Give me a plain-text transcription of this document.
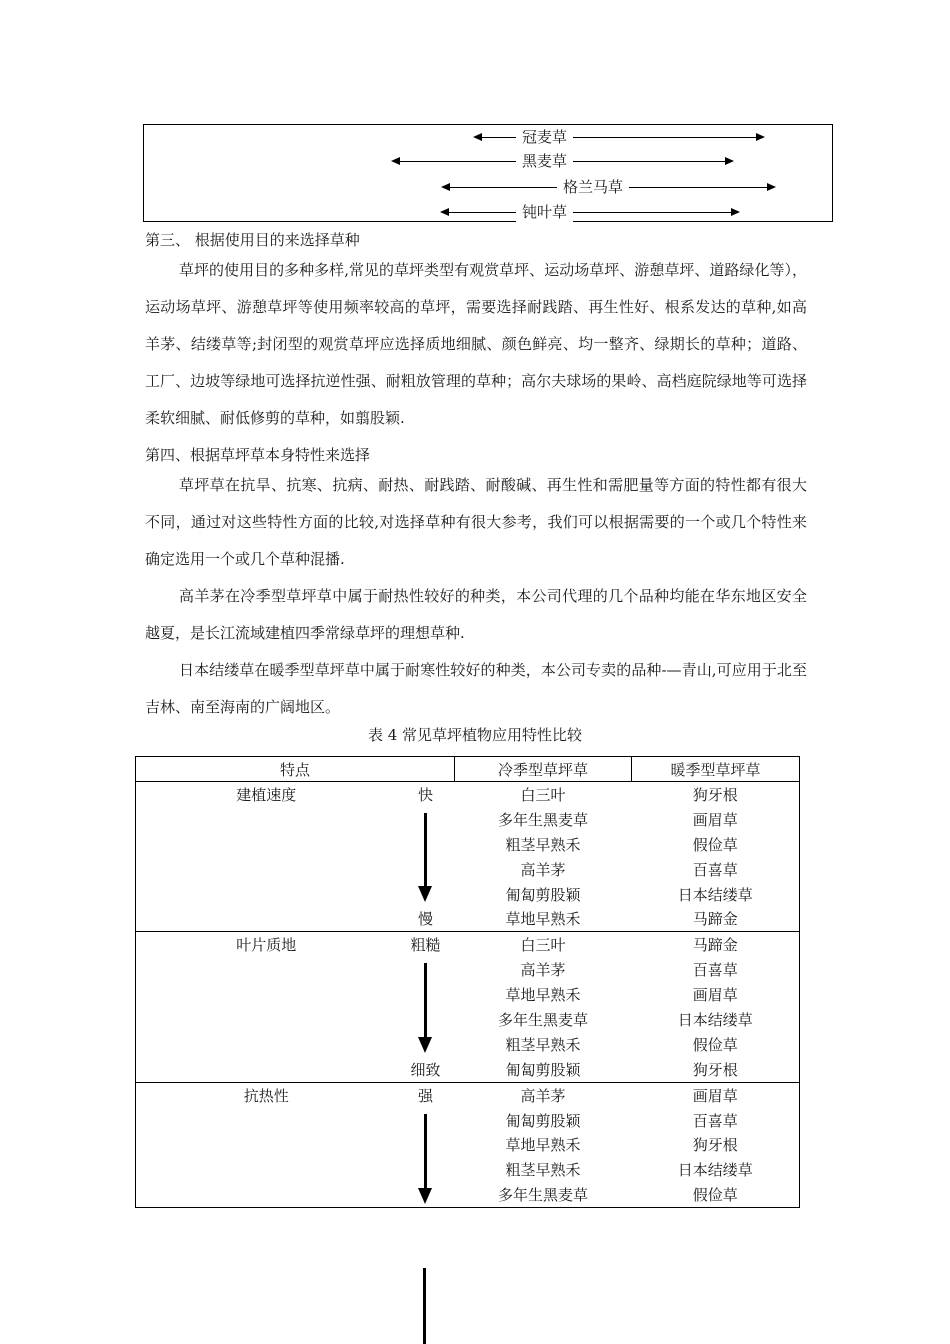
冠麦草
黑麦草
格兰马草
钝叶草
第三、 根据使用目的来选择草种

草坪的使用目的多种多样,常见的草坪类型有观赏草坪、运动场草坪、游憩草坪、道路绿化等），运动场草坪、游憩草坪等使用频率较高的草坪，需要选择耐践踏、再生性好、根系发达的草种,如高羊茅、结缕草等;封闭型的观赏草坪应选择质地细腻、颜色鲜亮、均一整齐、绿期长的草种；道路、工厂、边坡等绿地可选择抗逆性强、耐粗放管理的草种；高尔夫球场的果岭、高档庭院绿地等可选择柔软细腻、耐低修剪的草种，如翦股颖.

第四、根据草坪草本身特性来选择

草坪草在抗旱、抗寒、抗病、耐热、耐践踏、耐酸碱、再生性和需肥量等方面的特性都有很大不同，通过对这些特性方面的比较,对选择草种有很大参考，我们可以根据需要的一个或几个特性来确定选用一个或几个草种混播.

高羊茅在冷季型草坪草中属于耐热性较好的种类，本公司代理的几个品种均能在华东地区安全越夏，是长江流域建植四季常绿草坪的理想草种.

日本结缕草在暖季型草坪草中属于耐寒性较好的种类，本公司专卖的品种-—青山,可应用于北至吉林、南至海南的广阔地区。

表 4 常见草坪植物应用特性比较
特点		冷季型草坪草	暖季型草坪草
建植速度	快	白三叶	狗牙根
		多年生黑麦草	画眉草
		粗茎早熟禾	假俭草
		高羊茅	百喜草
		匍匐剪股颖	日本结缕草
	慢	草地早熟禾	马蹄金
叶片质地	粗糙	白三叶	马蹄金
		高羊茅	百喜草
		草地早熟禾	画眉草
		多年生黑麦草	日本结缕草
		粗茎早熟禾	假俭草
	细致	匍匐剪股颖	狗牙根
抗热性	强	高羊茅	画眉草
		匍匐剪股颖	百喜草
		草地早熟禾	狗牙根
		粗茎早熟禾	日本结缕草
		多年生黑麦草	假俭草
